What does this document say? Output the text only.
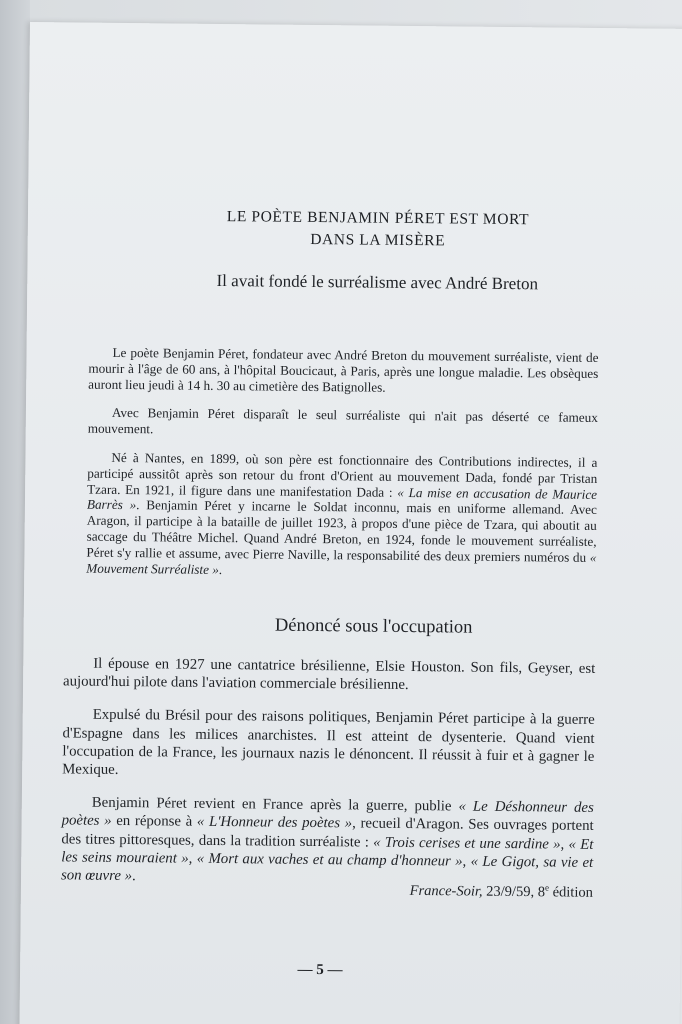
LE POÈTE BENJAMIN PÉRET EST MORT
DANS LA MISÈRE
Il avait fondé le surréalisme avec André Breton

Le poète Benjamin Péret, fondateur avec André Breton du mouvement surréaliste, vient de mourir à l'âge de 60 ans, à l'hôpital Boucicaut, à Paris, après une longue maladie. Les obsèques auront lieu jeudi à 14 h. 30 au cimetière des Batignolles.

Avec Benjamin Péret disparaît le seul surréaliste qui n'ait pas déserté ce fameux mouvement.

Né à Nantes, en 1899, où son père est fonctionnaire des Contributions indirectes, il a participé aussitôt après son retour du front d'Orient au mouvement Dada, fondé par Tristan Tzara. En 1921, il figure dans une manifestation Dada : « La mise en accusation de Maurice Barrès ». Benjamin Péret y incarne le Soldat inconnu, mais en uniforme allemand. Avec Aragon, il participe à la bataille de juillet 1923, à propos d'une pièce de Tzara, qui aboutit au saccage du Théâtre Michel. Quand André Breton, en 1924, fonde le mouvement surréaliste, Péret s'y rallie et assume, avec Pierre Naville, la responsabilité des deux premiers numéros du « Mouvement Surréaliste ».

Dénoncé sous l'occupation

Il épouse en 1927 une cantatrice brésilienne, Elsie Houston. Son fils, Geyser, est aujourd'hui pilote dans l'aviation commerciale brésilienne.

Expulsé du Brésil pour des raisons politiques, Benjamin Péret participe à la guerre d'Espagne dans les milices anarchistes. Il est atteint de dysenterie. Quand vient l'occupation de la France, les journaux nazis le dénoncent. Il réussit à fuir et à gagner le Mexique.

Benjamin Péret revient en France après la guerre, publie « Le Déshonneur des poètes » en réponse à « L'Honneur des poètes », recueil d'Aragon. Ses ouvrages portent des titres pittoresques, dans la tradition surréaliste : « Trois cerises et une sardine », « Et les seins mouraient », « Mort aux vaches et au champ d'honneur », « Le Gigot, sa vie et son œuvre ».

France-Soir, 23/9/59, 8e édition
— 5 —
